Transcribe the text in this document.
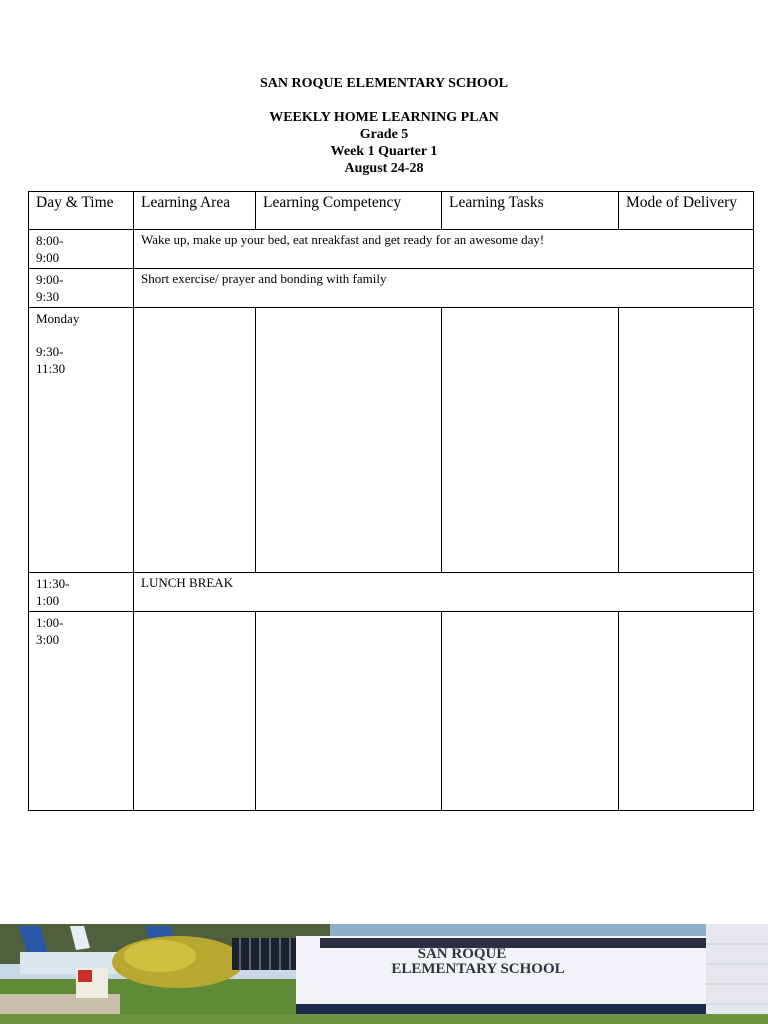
SAN ROQUE ELEMENTARY SCHOOL
WEEKLY HOME LEARNING PLAN
Grade 5
Week 1 Quarter 1
August 24-28
Day & Time	Learning Area	Learning Competency	Learning Tasks	Mode of Delivery

8:00-
9:00	Wake up, make up your bed, eat nreakfast and get ready for an awesome day!			

9:00-
9:30	Short exercise/ prayer and bonding with family			

Monday
9:30-
11:30				

11:30-
1:00	LUNCH BREAK			

1:00-
3:00				

SAN ROQUE
ELEMENTARY SCHOOL
